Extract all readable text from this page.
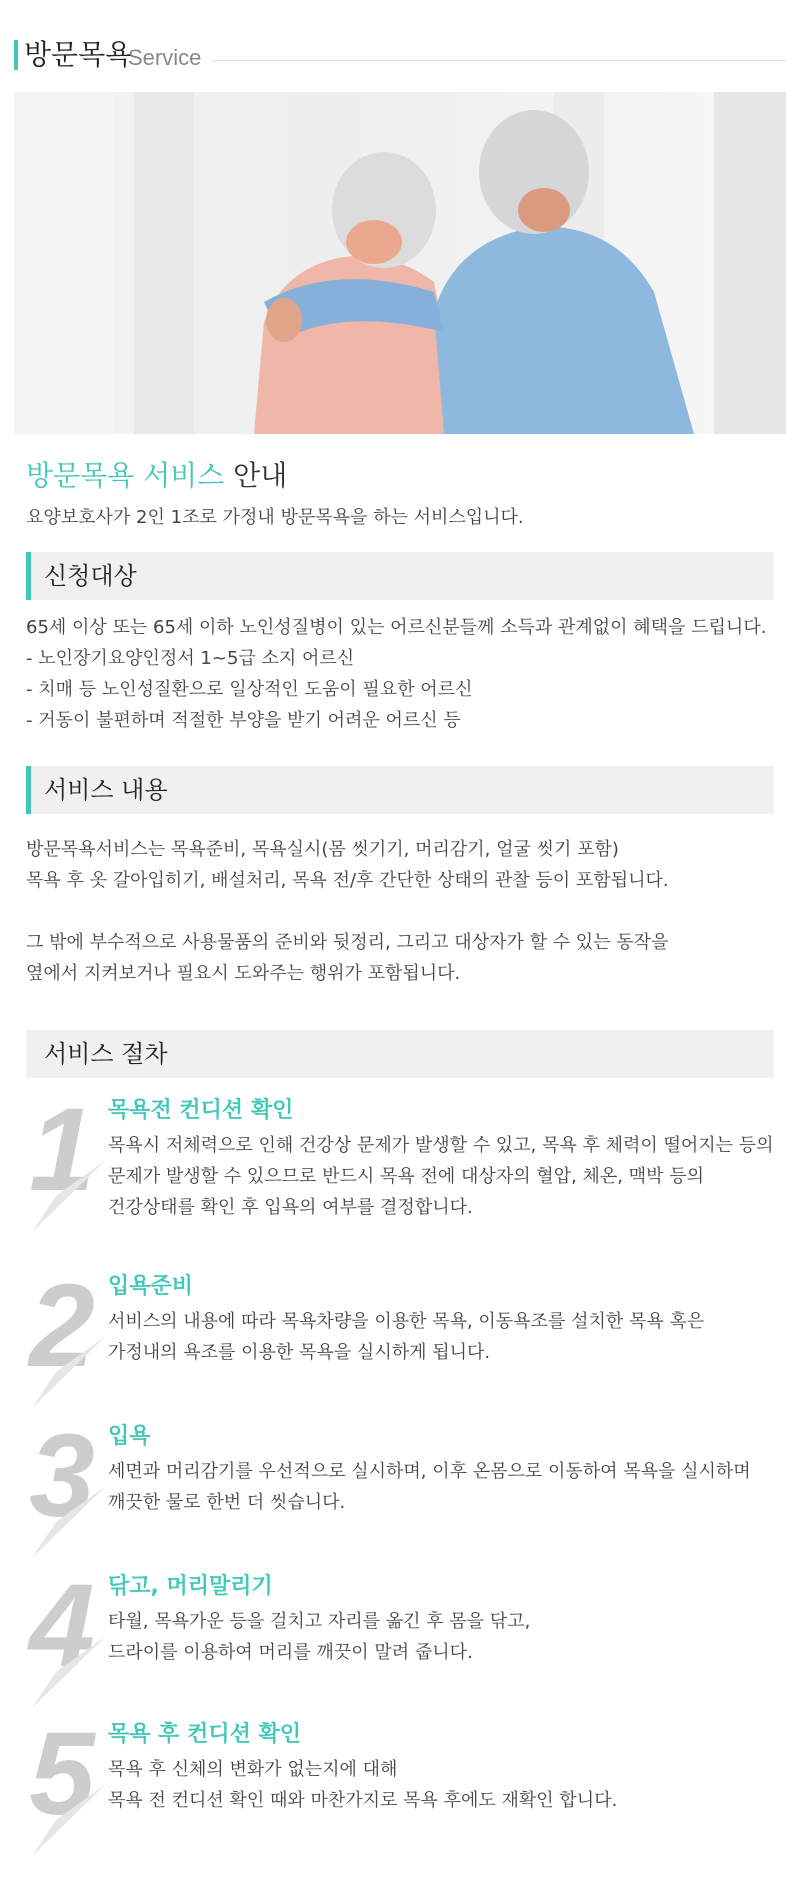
방문목욕
Service
방문목욕 서비스 안내
요양보호사가 2인 1조로 가정내 방문목욕을 하는 서비스입니다.
신청대상
65세 이상 또는 65세 이하 노인성질병이 있는 어르신분들께 소득과 관계없이 혜택을 드립니다.
- 노인장기요양인정서 1~5급 소지 어르신
- 치매 등 노인성질환으로 일상적인 도움이 필요한 어르신
- 거동이 불편하며 적절한 부양을 받기 어려운 어르신 등
서비스 내용
방문목욕서비스는 목욕준비, 목욕실시(몸 씻기기, 머리감기, 얼굴 씻기 포함)
목욕 후 옷 갈아입히기, 배설처리, 목욕 전/후 간단한 상태의 관찰 등이 포함됩니다.
그 밖에 부수적으로 사용물품의 준비와 뒷정리, 그리고 대상자가 할 수 있는 동작을
옆에서 지켜보거나 필요시 도와주는 행위가 포함됩니다.
서비스 절차
1 목욕전 컨디션 확인
목욕시 저체력으로 인해 건강상 문제가 발생할 수 있고, 목욕 후 체력이 떨어지는 등의
문제가 발생할 수 있으므로 반드시 목욕 전에 대상자의 혈압, 체온, 맥박 등의
건강상태를 확인 후 입욕의 여부를 결정합니다.
2 입욕준비
서비스의 내용에 따라 목욕차량을 이용한 목욕, 이동욕조를 설치한 목욕 혹은
가정내의 욕조를 이용한 목욕을 실시하게 됩니다.
3 입욕
세면과 머리감기를 우선적으로 실시하며, 이후 온몸으로 이동하여 목욕을 실시하며
깨끗한 물로 한번 더 씻습니다.
4 닦고, 머리말리기
타월, 목욕가운 등을 걸치고 자리를 옮긴 후 몸을 닦고,
드라이를 이용하여 머리를 깨끗이 말려 줍니다.
5 목욕 후 컨디션 확인
목욕 후 신체의 변화가 없는지에 대해
목욕 전 컨디션 확인 때와 마찬가지로 목욕 후에도 재확인 합니다.
